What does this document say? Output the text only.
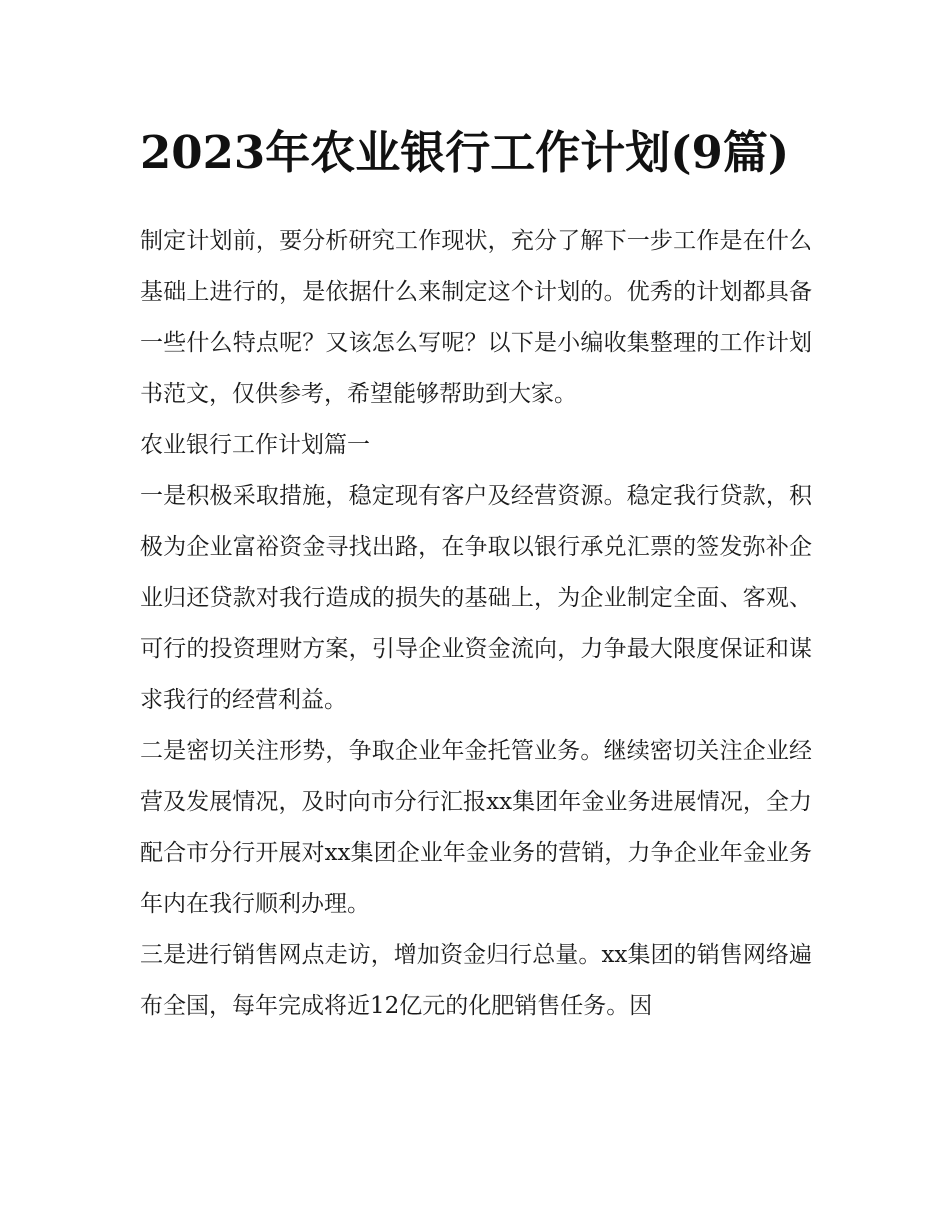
2023年农业银行工作计划(9篇)

制定计划前，要分析研究工作现状，充分了解下一步工作是在什么基础上进行的，是依据什么来制定这个计划的。优秀的计划都具备一些什么特点呢？又该怎么写呢？以下是小编收集整理的工作计划书范文，仅供参考，希望能够帮助到大家。

农业银行工作计划篇一

一是积极采取措施，稳定现有客户及经营资源。稳定我行贷款，积极为企业富裕资金寻找出路，在争取以银行承兑汇票的签发弥补企业归还贷款对我行造成的损失的基础上，为企业制定全面、客观、可行的投资理财方案，引导企业资金流向，力争最大限度保证和谋求我行的经营利益。

二是密切关注形势，争取企业年金托管业务。继续密切关注企业经营及发展情况，及时向市分行汇报xx集团年金业务进展情况，全力配合市分行开展对xx集团企业年金业务的营销，力争企业年金业务年内在我行顺利办理。

三是进行销售网点走访，增加资金归行总量。xx集团的销售网络遍布全国，每年完成将近12亿元的化肥销售任务。因
